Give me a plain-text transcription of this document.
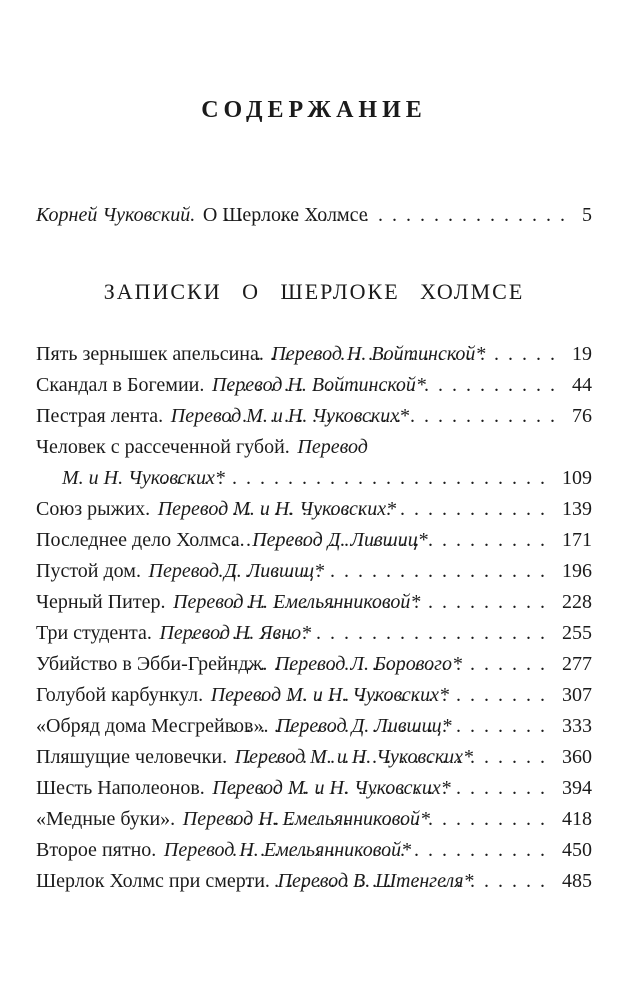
СОДЕРЖАНИЕ
Корней Чуковский. О Шерлоке Холмсе .....	5
ЗАПИСКИ О ШЕРЛОКЕ ХОЛМСЕ
Пять зернышек апельсина. Перевод Н. Войтинской* .....	19
Скандал в Богемии. Перевод Н. Войтинской* .....	44
Пестрая лента. Перевод М. и Н. Чуковских* .....	76
Человек с рассеченной губой. Перевод
М. и Н. Чуковских* .....	109
Союз рыжих. Перевод М. и Н. Чуковских* .....	139
Последнее дело Холмса. Перевод Д. Лившиц* .....	171
Пустой дом. Перевод Д. Лившиц* .....	196
Черный Питер. Перевод Н. Емельянниковой* .....	228
Три студента. Перевод Н. Явно* .....	255
Убийство в Эбби-Грейндж. Перевод Л. Борового* .....	277
Голубой карбункул. Перевод М. и Н. Чуковских* .....	307
«Обряд дома Месгрейвов». Перевод Д. Лившиц* .....	333
Пляшущие человечки. Перевод М. и Н. Чуковских* .....	360
Шесть Наполеонов. Перевод М. и Н. Чуковских* .....	394
«Медные буки». Перевод Н. Емельянниковой* .....	418
Второе пятно. Перевод Н. Емельянниковой* .....	450
Шерлок Холмс при смерти. Перевод В. Штенгеля* .....	485
